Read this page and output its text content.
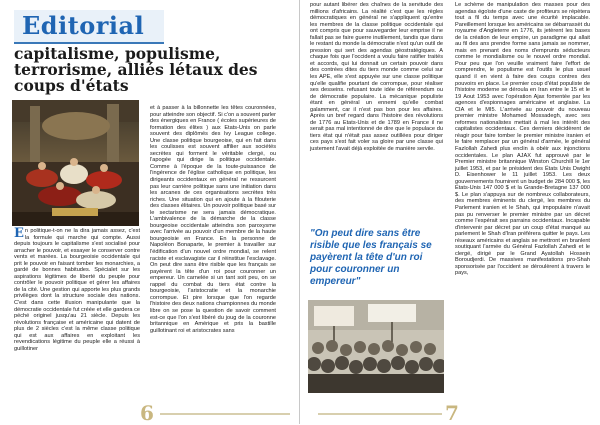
Editorial
capitalisme, populisme, terrorisme, alliés létaux des coups d'états
E n politique-t-on ne la dira jamais assez, c'est la formule qui marche qui compte. Aussi depuis toujours le capitalisme s'est socialisé pour arracher le pouvoir, et essayer le conserver contre vents et marées. La bourgeoisie occidentale qui prit le pouvoir en faisant tomber les monarchies, a gardé de bonnes habitudes. Spécialet sur les aspirations légitimes de liberté du peuple pour contrôler le pouvoir politique et gérer les affaires de la cité. Une gestion qui apporte les plus grands privilèges dont la structure sociale des nations. C'est dans cette illusion manipulante que la démocratie occidentale fut créée et elle gardera ce péché originel jusqu'au 21 siècle. Depuis les révolutions française et américaine qui datent de plus de 2 siècles c'est la même classe politique qui est aux affaires en exploitant les revendications légitime du peuple elle a réussi à guillotiner
et à passer à la billonnette les têtes couronnées, pour atteindre son objectif. Si c'on a souvent parler des énergiques en France ( écoles supérieures de formation des élites ) aux Etats-Unis on parle souvent des diplômés des Ivy League college. Une classe politique bourgeoise, qui en fait dans les coulisses est souvent affilier aux sociétés secrètes qui forment le véritable clergé, ou l'apogée qui dirige la politique occidentale. Comme à l'époque de la toute-puissance de l'ingérence de l'église catholique en politique, les dirigeants occidentaux en général ne ressurcent pas leur carrière politique sans une initiation dans les arcanes de ces organisations secrètes très riches. Une situation qui en ajoute à la filouterie des classes élitaires. Un pouvoir politique basé sur le sectarisme ne sera jamais démocratique. L'ambivalence de la démarche de la classe bourgeoise occidentale atteindra son paroxysme avec l'arrivée au pouvoir d'un membre de la haute bourgeoisie en France. En la personne de Napoléon Bonaparte, le premier à travailler sur l'édification d'un nouvel ordre mondial, se relent raciste et esclavagiste car il réinstitue l'esclavage. On peut dire sans être risible que les français se payèrent la tête d'un roi pour couronner un empereur. Un carnelée si un tant soit peu, on se rappel du combat du tiers état contre la bourgeoisie, l'aristocratie et la monarchie corrompue. Et pire lorsque que l'on regarde l'histoire des deux nations championnes du monde libre on se pose la question de savoir comment est-ce que l'on s'est libéré du joug de la couronne britannique en Amérique et pris la bastille guillotinant roi et aristocrates sans
6
pour autant libérer des chaînes de la servitude des millions d'africains. La réalité c'est que les règles démocratiques en général ne s'appliquent qu'entre les membres de la classe politique occidentale qui ont compris que pour sauvegarder leur emprise il ne fallait pas se faire guerre inutilement, tandis que dans le restant du monde la démocratie n'est qu'un outil de pression qui sert des agendas géostratégiques. A chaque fois que l'occident a voulu faire ratifier traités et accords, qui lui donnait un certain pouvoir dans des contrées dites du tiers monde comme celui sur les APE, elle s'est appuyée sur une classe politique qu'elle qualifie pourtant de corrompue, pour réaliser ses desseins. refusant toute idée de référendum ou de démocratie populaire. La mécanique populiste étant en général un ennemi qu'elle combat galamment, car il n'est pas bon pour les affaires. Après un bref regard dans l'histoire des révolutions de 1776 au Etats-Unis et de 1789 en France il ne serait pas mal intentionné de dire que le populace du tiers état qui n'était pas assez outillées pour diriger ces pays s'est fait voler sa gloire par une classe qui justement l'avait déjà exploitée de manière servile.

"On peut dire sans être risible que les français se payèrent la tête d'un roi pour couronner un empereur"

Le schème de manipulation des masses pour des agendas égoïste d'une caste de profiteurs se répètera tout a fil du temps avec une écurité implacable. Pareillement lorsque les américains se débarrassèt du royaume d'Angleterre en 1776, ils jetèrent les bases de la création de leur empire, un paradigme qui allait au fil des ans prendre forme sans jamais se nommer, mais en prenant des noms d'emprunts séducteurs comme le mondialisme ou le nouvel ordre mondial. Pour peu que l'on veuille vraiment faire l'effort de comprendre, le populisme est l'outils le plus usuel quand il en vient à faire des coups contres des pouvoirs en place. Le premier coup d'état populiste de l'histoire moderne se déroula en Iran entre le 15 et le 19 Aout 1953 avec l'opération Ajax fomentée par les agences d'espionnages américaine et anglaise. La CIA et le MI5. L'arrivée au pouvoir du nouveau premier ministre Mohamed Mossadegh, avec ses reformes nationalistes mettait à mal les intérêt des capitalistes occidentaux. Ces derniers décidèrent de réagir pour faire tomber le premier ministre iranien et le faire remplacer par un général d'armée, le général Fazlollah Zahedi plus enclin à obéir aux injonctions occidentales. Le plan AJAX fut approuvé par le Premier ministre britannique Winston Churchill le 1er juillet 1953, et par le président des États Unis Dwight D. Eisenhower le 11 juillet 1953. Les deux gouvernements fournirent un budget de 284 000 $, les États-Unis 147 000 $ et la Grande-Bretagne 137 000 $. Le plan s'appuya sur de nombreux collaborateurs, des membres éminents du clergé, les membres du Parlement iranien et le Shah, qui impopulaire n'avait pas pu renverser le premier ministre par un décret comme l'espérait ses parrains occidentaux. Incapable d'intervenir par décret par un coup d'état manqué au parlement le Shah d'Iran préférera quitter le pays. Les réseaux américains et anglais se mettront en branlent soutiquant l'armée du Général Fazlollah Zahedi et le clergé, dirigé par le Grand Ayatollah Hossein Boroudjerdi. De massives manifestations pro-Shah sponsorisée par l'occident se déroulèrent à travers le pays,
7
